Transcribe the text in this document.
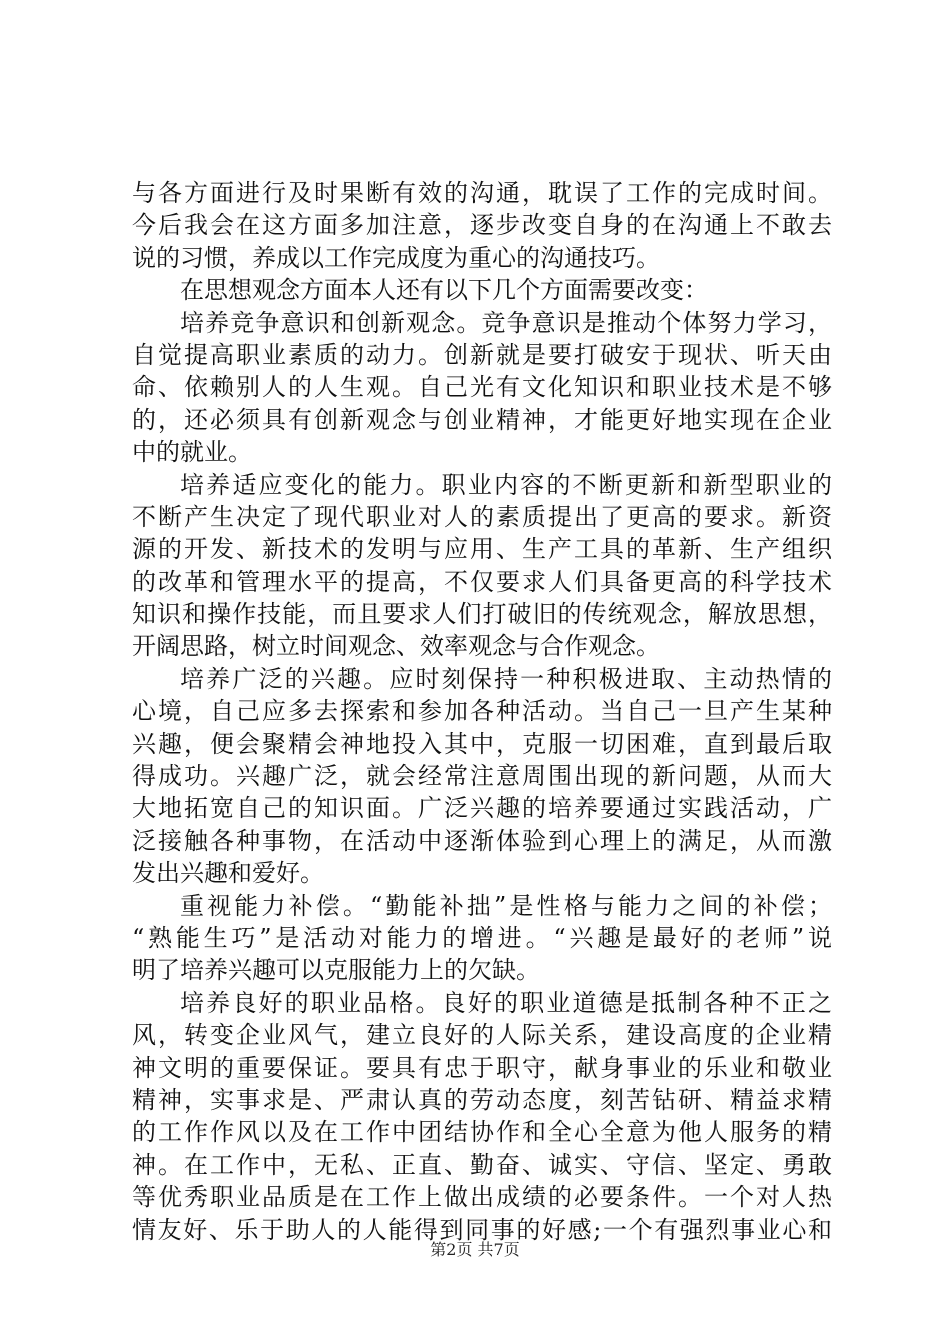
与各方面进行及时果断有效的沟通，耽误了工作的完成时间。
今后我会在这方面多加注意，逐步改变自身的在沟通上不敢去
说的习惯，养成以工作完成度为重心的沟通技巧。
在思想观念方面本人还有以下几个方面需要改变：
培养竞争意识和创新观念。竞争意识是推动个体努力学习，
自觉提高职业素质的动力。创新就是要打破安于现状、听天由
命、依赖别人的人生观。自己光有文化知识和职业技术是不够
的，还必须具有创新观念与创业精神，才能更好地实现在企业
中的就业。
培养适应变化的能力。职业内容的不断更新和新型职业的
不断产生决定了现代职业对人的素质提出了更高的要求。新资
源的开发、新技术的发明与应用、生产工具的革新、生产组织
的改革和管理水平的提高，不仅要求人们具备更高的科学技术
知识和操作技能，而且要求人们打破旧的传统观念，解放思想，
开阔思路，树立时间观念、效率观念与合作观念。
培养广泛的兴趣。应时刻保持一种积极进取、主动热情的
心境，自己应多去探索和参加各种活动。当自己一旦产生某种
兴趣，便会聚精会神地投入其中，克服一切困难，直到最后取
得成功。兴趣广泛，就会经常注意周围出现的新问题，从而大
大地拓宽自己的知识面。广泛兴趣的培养要通过实践活动，广
泛接触各种事物，在活动中逐渐体验到心理上的满足，从而激
发出兴趣和爱好。
重视能力补偿。“勤能补拙”是性格与能力之间的补偿；
“熟能生巧”是活动对能力的增进。“兴趣是最好的老师”说
明了培养兴趣可以克服能力上的欠缺。
培养良好的职业品格。良好的职业道德是抵制各种不正之
风，转变企业风气，建立良好的人际关系，建设高度的企业精
神文明的重要保证。要具有忠于职守，献身事业的乐业和敬业
精神，实事求是、严肃认真的劳动态度，刻苦钻研、精益求精
的工作作风以及在工作中团结协作和全心全意为他人服务的精
神。在工作中，无私、正直、勤奋、诚实、守信、坚定、勇敢
等优秀职业品质是在工作上做出成绩的必要条件。一个对人热
情友好、乐于助人的人能得到同事的好感;一个有强烈事业心和
第2页 共7页
